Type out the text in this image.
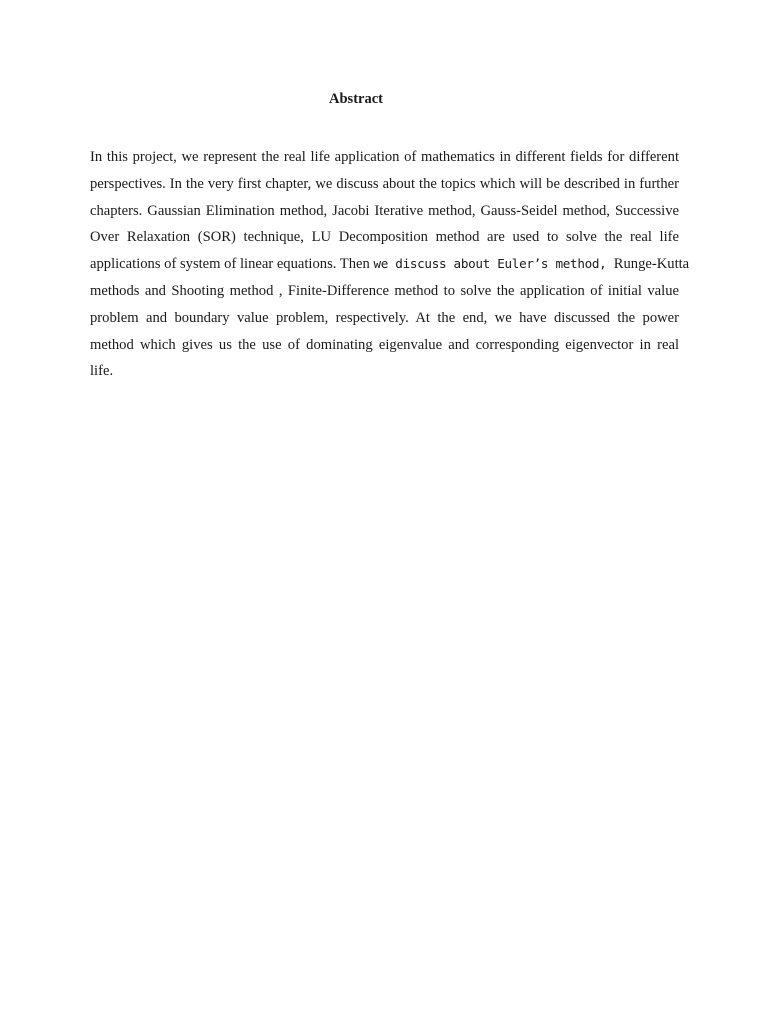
Abstract
In this project, we represent the real life application of mathematics in different fields for different
perspectives. In the very first chapter, we discuss about the topics which will be described in further
chapters. Gaussian Elimination method, Jacobi Iterative method, Gauss-Seidel method, Successive
Over Relaxation (SOR) technique, LU Decomposition method are used to solve the real life
applications of system of linear equations. Then we discuss about Euler’s method,  Runge-Kutta
methods and Shooting method , Finite-Difference method to solve the application of initial value
problem and boundary value problem, respectively. At the end, we have discussed the power
method which gives us the use of dominating eigenvalue and corresponding eigenvector in real
life.
